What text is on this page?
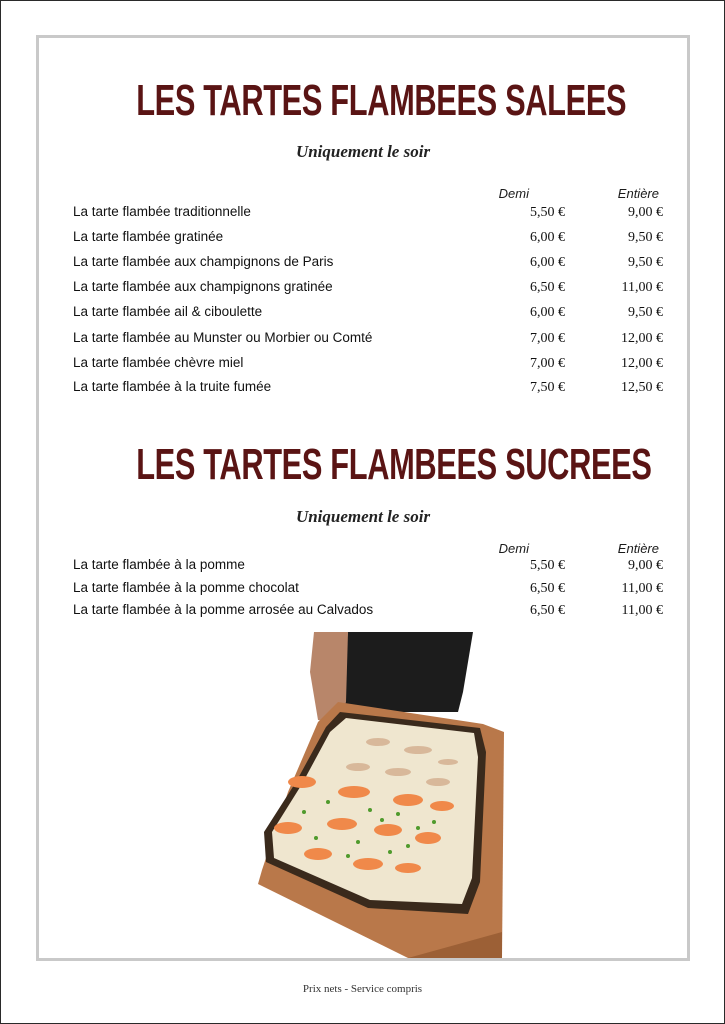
LES TARTES FLAMBEES SALEES
Uniquement le soir
Demi	Entière
La tarte flambée traditionnelle	5,50 €	9,00 €
La tarte flambée gratinée	6,00 €	9,50 €
La tarte flambée aux champignons de Paris	6,00 €	9,50 €
La tarte flambée aux champignons gratinée	6,50 €	11,00 €
La tarte flambée ail & ciboulette	6,00 €	9,50 €
La tarte flambée au Munster ou Morbier ou Comté	7,00 €	12,00 €
La tarte flambée chèvre miel	7,00 €	12,00 €
La tarte flambée à la truite fumée	7,50 €	12,50 €
LES TARTES FLAMBEES SUCREES
Uniquement le soir
Demi	Entière
La tarte flambée à la pomme	5,50 €	9,00 €
La tarte flambée à la pomme chocolat	6,50 €	11,00 €
La tarte flambée à la pomme arrosée au Calvados	6,50 €	11,00 €
Prix nets - Service compris
